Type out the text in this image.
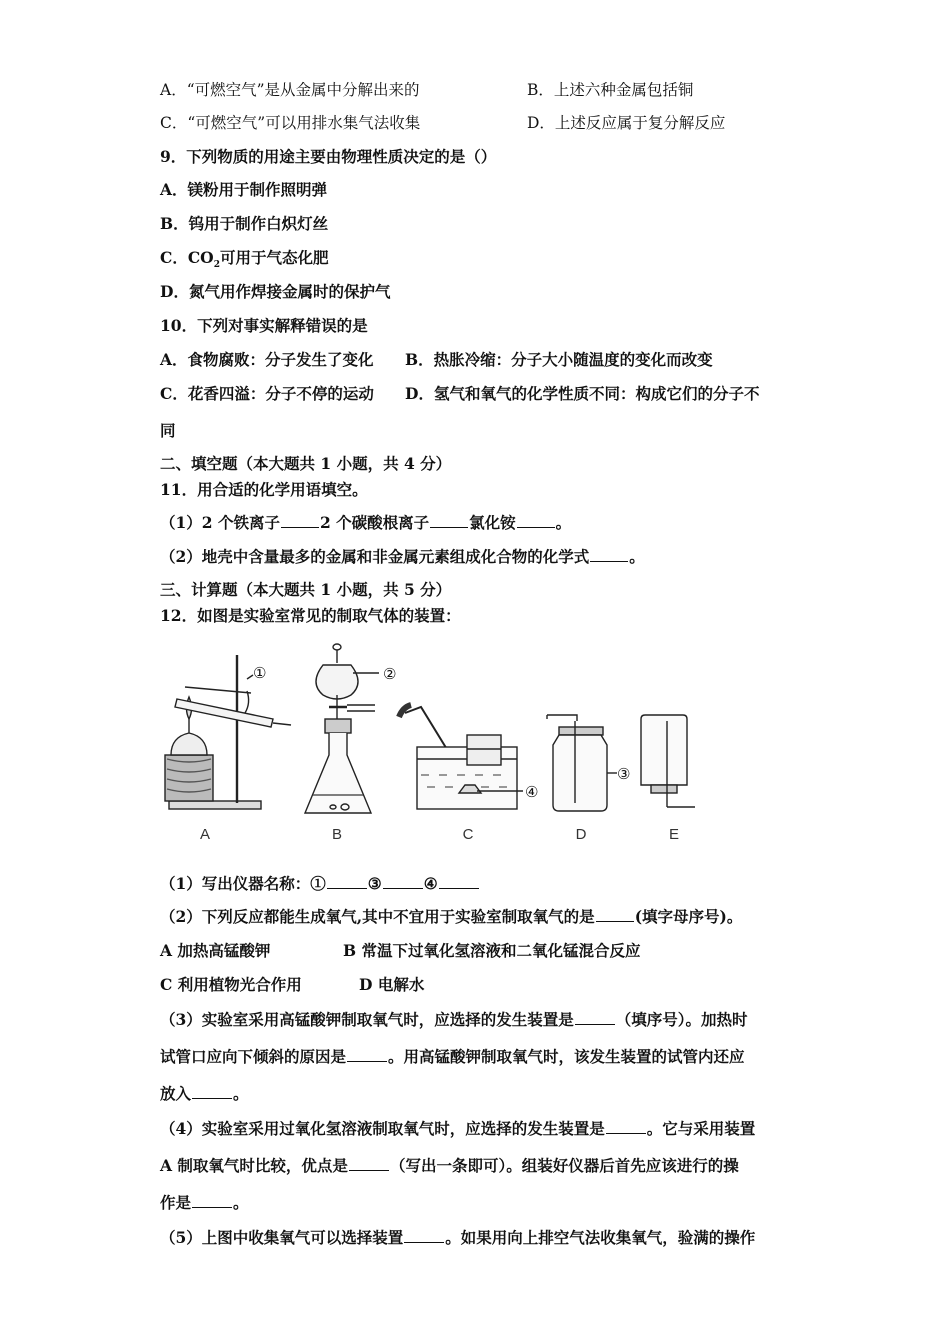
A．“可燃空气”是从金属中分解出来的	B．上述六种金属包括铜
C．“可燃空气”可以用排水集气法收集	D．上述反应属于复分解反应
9．下列物质的用途主要由物理性质决定的是（）
A．镁粉用于制作照明弹
B．钨用于制作白炽灯丝
C．$CO_2$可用于气态化肥
D．氮气用作焊接金属时的保护气
10．下列对事实解释错误的是
A．食物腐败：分子发生了变化 B．热胀冷缩：分子大小随温度的变化而改变
C．花香四溢：分子不停的运动 D．氢气和氧气的化学性质不同：构成它们的分子不
同
二、填空题（本大题共 1 小题，共 4 分）
11．用合适的化学用语填空。
（1）2 个铁离子	2 个碳酸根离子	氯化铵	。
（2）地壳中含量最多的金属和非金属元素组成化合物的化学式	。
三、计算题（本大题共 1 小题，共 5 分）
12．如图是实验室常见的制取气体的装置：
①	②
④
③
A	B	C	D	E
（1）写出仪器名称：①	③	④
（2）下列反应都能生成氧气,其中不宜用于实验室制取氧气的是	(填字母序号)。
A 加热高锰酸钾	B 常温下过氧化氢溶液和二氧化锰混合反应
C 利用植物光合作用	D 电解水
（3）实验室采用高锰酸钾制取氧气时，应选择的发生装置是	（填序号）。加热时
试管口应向下倾斜的原因是	。用高锰酸钾制取氧气时，该发生装置的试管内还应
放入	。
（4）实验室采用过氧化氢溶液制取氧气时，应选择的发生装置是	。它与采用装置
A 制取氧气时比较，优点是	（写出一条即可）。组装好仪器后首先应该进行的操
作是	。
（5）上图中收集氧气可以选择装置	。如果用向上排空气法收集氧气，验满的操作
